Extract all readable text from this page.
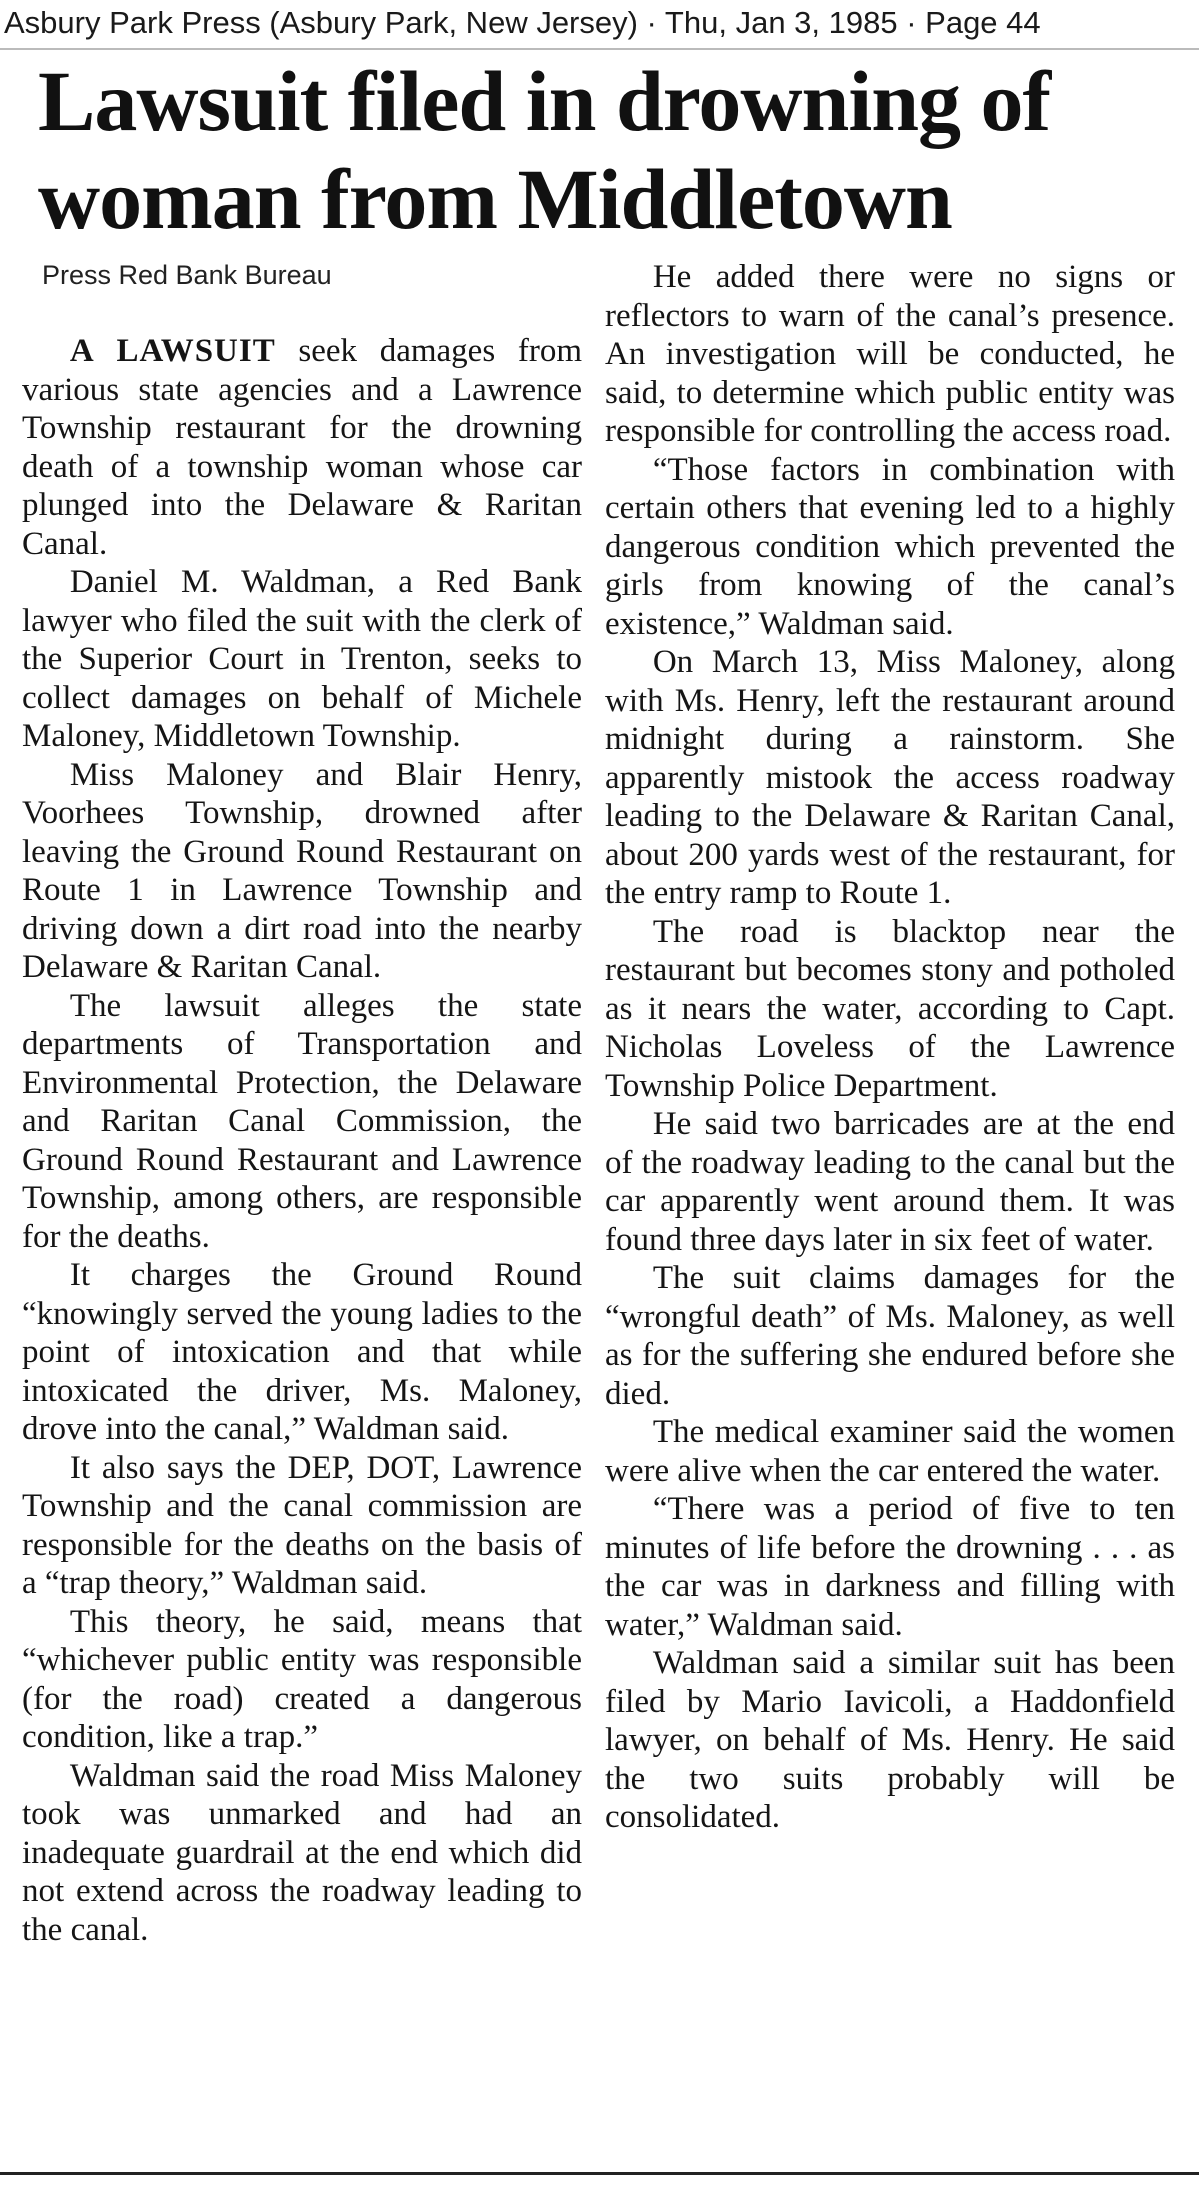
Asbury Park Press (Asbury Park, New Jersey) · Thu, Jan 3, 1985 · Page 44
Lawsuit filed in drowning of woman from Middletown
Press Red Bank Bureau

A LAWSUIT seek damages from various state agencies and a Lawrence Township restaurant for the drowning death of a township woman whose car plunged into the Delaware & Raritan Canal.

Daniel M. Waldman, a Red Bank lawyer who filed the suit with the clerk of the Superior Court in Trenton, seeks to collect damages on behalf of Michele Maloney, Middletown Township.

Miss Maloney and Blair Henry, Voorhees Township, drowned after leaving the Ground Round Restaurant on Route 1 in Lawrence Township and driving down a dirt road into the nearby Delaware & Raritan Canal.

The lawsuit alleges the state departments of Transportation and Environmental Protection, the Delaware and Raritan Canal Commission, the Ground Round Restaurant and Lawrence Township, among others, are responsible for the deaths.

It charges the Ground Round “knowingly served the young ladies to the point of intoxication and that while intoxicated the driver, Ms. Maloney, drove into the canal,” Waldman said.

It also says the DEP, DOT, Lawrence Township and the canal commission are responsible for the deaths on the basis of a “trap theory,” Waldman said.

This theory, he said, means that “whichever public entity was responsible (for the road) created a dangerous condition, like a trap.”

Waldman said the road Miss Maloney took was unmarked and had an inadequate guardrail at the end which did not extend across the roadway leading to the canal.

He added there were no signs or reflectors to warn of the canal’s presence. An investigation will be conducted, he said, to determine which public entity was responsible for controlling the access road.

“Those factors in combination with certain others that evening led to a highly dangerous condition which prevented the girls from knowing of the canal’s existence,” Waldman said.

On March 13, Miss Maloney, along with Ms. Henry, left the restaurant around midnight during a rainstorm. She apparently mistook the access roadway leading to the Delaware & Raritan Canal, about 200 yards west of the restaurant, for the entry ramp to Route 1.

The road is blacktop near the restaurant but becomes stony and potholed as it nears the water, according to Capt. Nicholas Loveless of the Lawrence Township Police Department.

He said two barricades are at the end of the roadway leading to the canal but the car apparently went around them. It was found three days later in six feet of water.

The suit claims damages for the “wrongful death” of Ms. Maloney, as well as for the suffering she endured before she died.

The medical examiner said the women were alive when the car entered the water.

“There was a period of five to ten minutes of life before the drowning . . . as the car was in darkness and filling with water,” Waldman said.

Waldman said a similar suit has been filed by Mario Iavicoli, a Haddonfield lawyer, on behalf of Ms. Henry. He said the two suits probably will be consolidated.
